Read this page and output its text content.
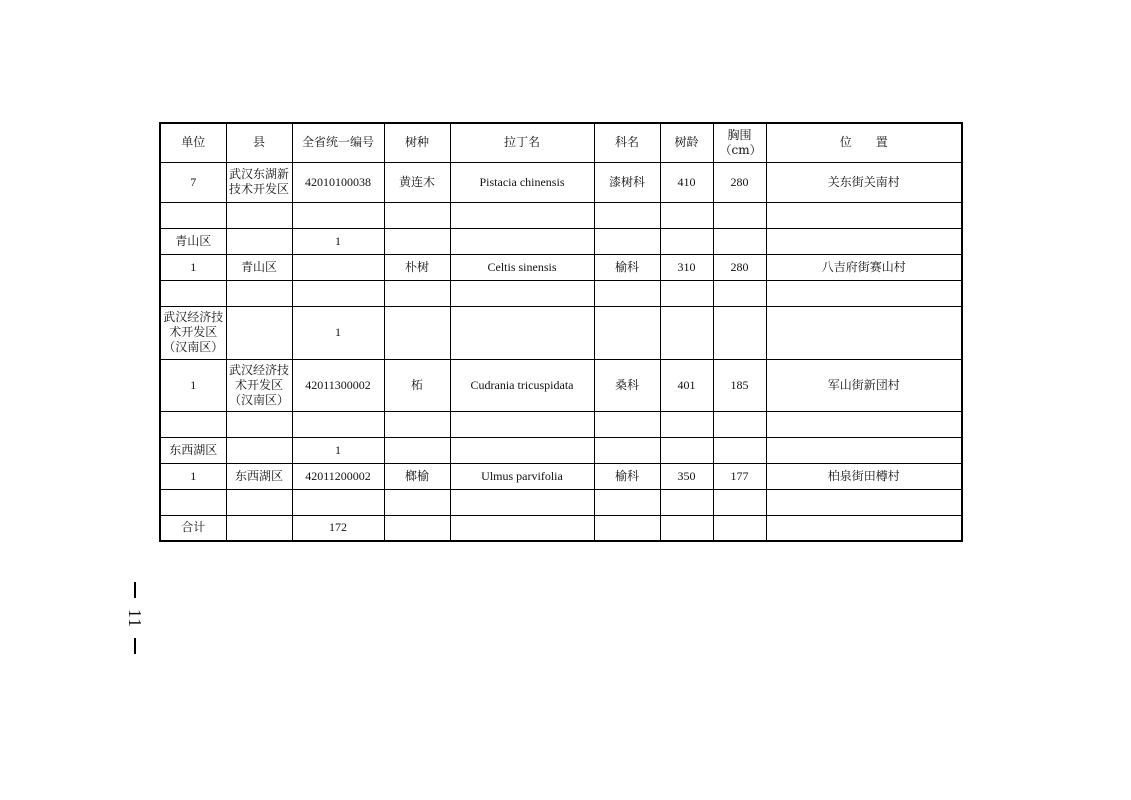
单位	县	全省统一编号	树种	拉丁名	科名	树龄	胸围（cm）	位　　置
7	武汉东湖新技术开发区	42010100038	黄连木	Pistacia chinensis	漆树科	410	280	关东街关南村

青山区		1						
1	青山区		朴树	Celtis sinensis	榆科	310	280	八吉府街赛山村

武汉经济技术开发区（汉南区）		1						
1	武汉经济技术开发区（汉南区）	42011300002	柘	Cudrania tricuspidata	桑科	401	185	军山街新団村

东西湖区		1						
1	东西湖区	42011200002	榔榆	Ulmus parvifolia	榆科	350	177	柏泉街田樽村

合计		172						
11
